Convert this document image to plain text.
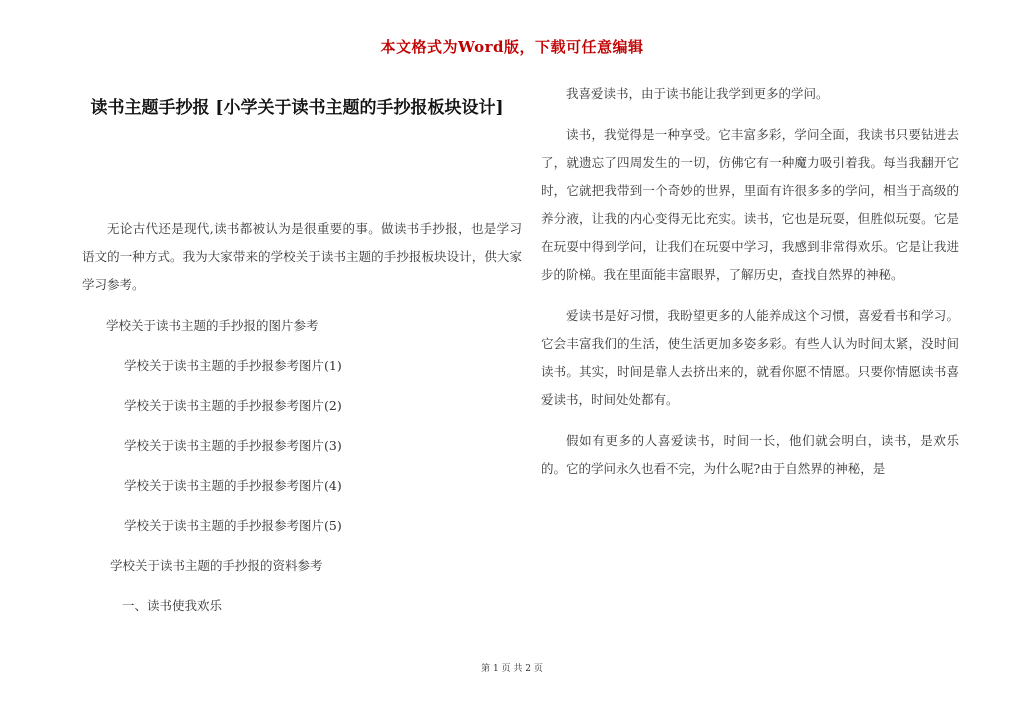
本文格式为Word版，下载可任意编辑
读书主题手抄报 [小学关于读书主题的手抄报板块设计]

无论古代还是现代,读书都被认为是很重要的事。做读书手抄报，也是学习语文的一种方式。我为大家带来的学校关于读书主题的手抄报板块设计，供大家学习参考。

学校关于读书主题的手抄报的图片参考
学校关于读书主题的手抄报参考图片(1)
学校关于读书主题的手抄报参考图片(2)
学校关于读书主题的手抄报参考图片(3)
学校关于读书主题的手抄报参考图片(4)
学校关于读书主题的手抄报参考图片(5)
学校关于读书主题的手抄报的资料参考
一、读书使我欢乐

我喜爱读书，由于读书能让我学到更多的学问。

读书，我觉得是一种享受。它丰富多彩，学问全面，我读书只要钻进去了，就遗忘了四周发生的一切，仿佛它有一种魔力吸引着我。每当我翻开它时，它就把我带到一个奇妙的世界，里面有许很多多的学问，相当于高级的养分液，让我的内心变得无比充实。读书，它也是玩耍，但胜似玩耍。它是在玩耍中得到学问，让我们在玩耍中学习，我感到非常得欢乐。它是让我进步的阶梯。我在里面能丰富眼界，了解历史，查找自然界的神秘。

爱读书是好习惯，我盼望更多的人能养成这个习惯，喜爱看书和学习。它会丰富我们的生活，使生活更加多姿多彩。有些人认为时间太紧，没时间读书。其实，时间是靠人去挤出来的，就看你愿不情愿。只要你情愿读书喜爱读书，时间处处都有。

假如有更多的人喜爱读书，时间一长，他们就会明白，读书，是欢乐的。它的学问永久也看不完，为什么呢?由于自然界的神秘，是

第 1 页 共 2 页
